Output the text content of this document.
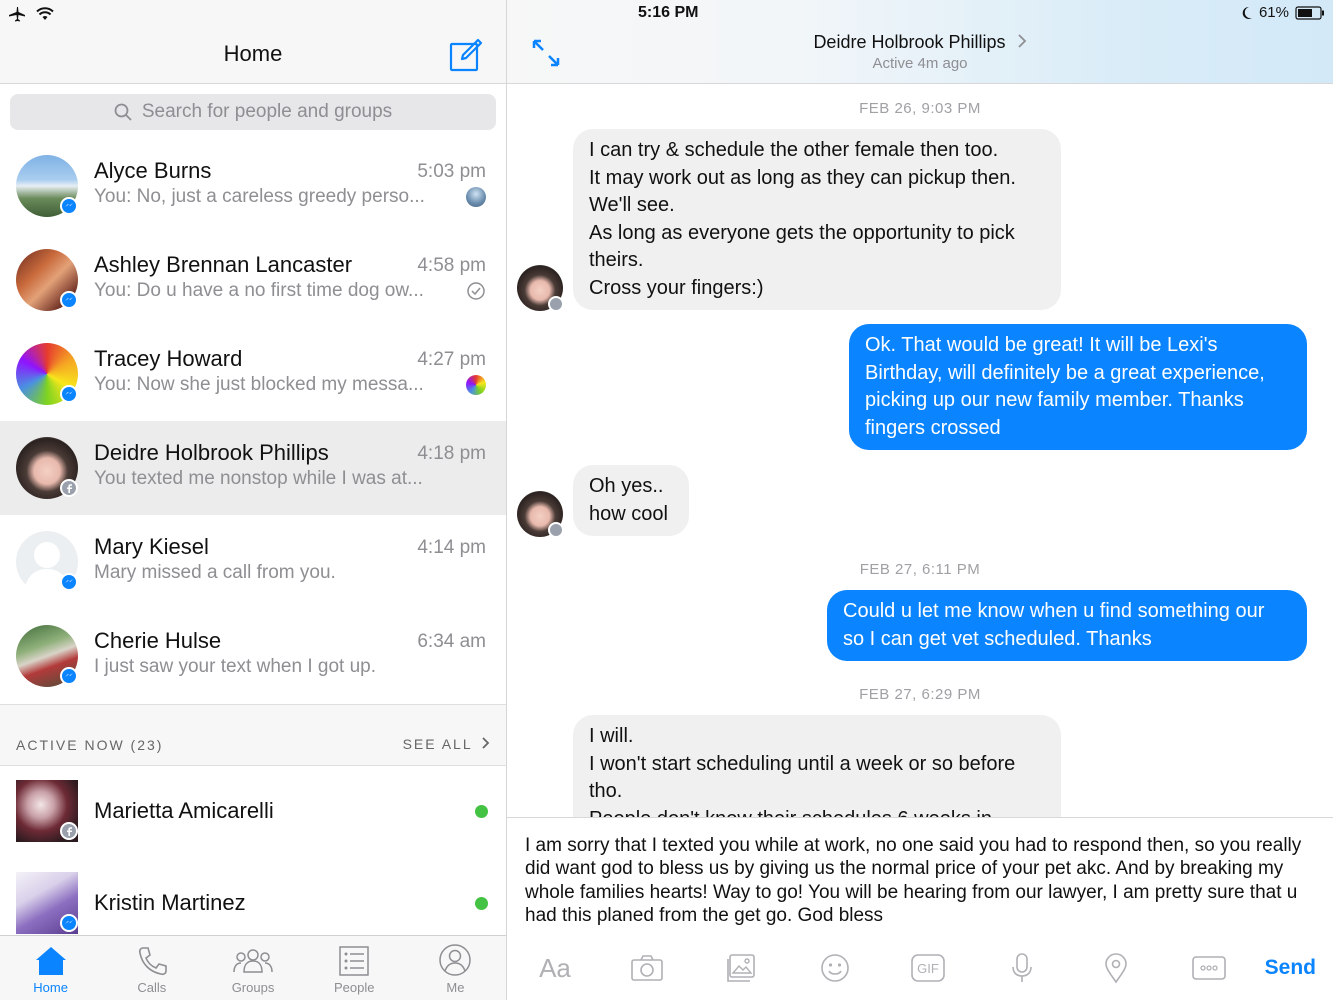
Home
Search for people and groups
Alyce Burns	5:03 pm
You: No, just a careless greedy perso...
Ashley Brennan Lancaster	4:58 pm
You: Do u have a no first time dog ow...
Tracey Howard	4:27 pm
You: Now she just blocked my messa...
Deidre Holbrook Phillips	4:18 pm
You texted me nonstop while I was at...
Mary Kiesel	4:14 pm
Mary missed a call from you.
Cherie Hulse	6:34 am
I just saw your text when I got up.
ACTIVE NOW (23)	SEE ALL
Marietta Amicarelli
Kristin Martinez
Home	Calls	Groups	People	Me
5:16 PM	61%
Deidre Holbrook Phillips
Active 4m ago
FEB 26, 9:03 PM
I can try & schedule the other female then too.
It may work out as long as they can pickup then.
We'll see.
As long as everyone gets the opportunity to pick
theirs.
Cross your fingers:)
Ok. That would be great! It will be Lexi's
Birthday, will definitely be a great experience,
picking up our new family member. Thanks
fingers crossed
Oh yes..
how cool
FEB 27, 6:11 PM
Could u let me know when u find something our
so I can get vet scheduled. Thanks
FEB 27, 6:29 PM
I will.
I won't start scheduling until a week or so before
tho.
I am sorry that I texted you while at work, no one said you had to respond then, so you really did want god to bless us by giving us the normal price of your pet akc. And by breaking my whole families hearts! Way to go! You will be hearing from our lawyer, I am pretty sure that u had this planed from the get go. God bless
Aa	GIF	Send
